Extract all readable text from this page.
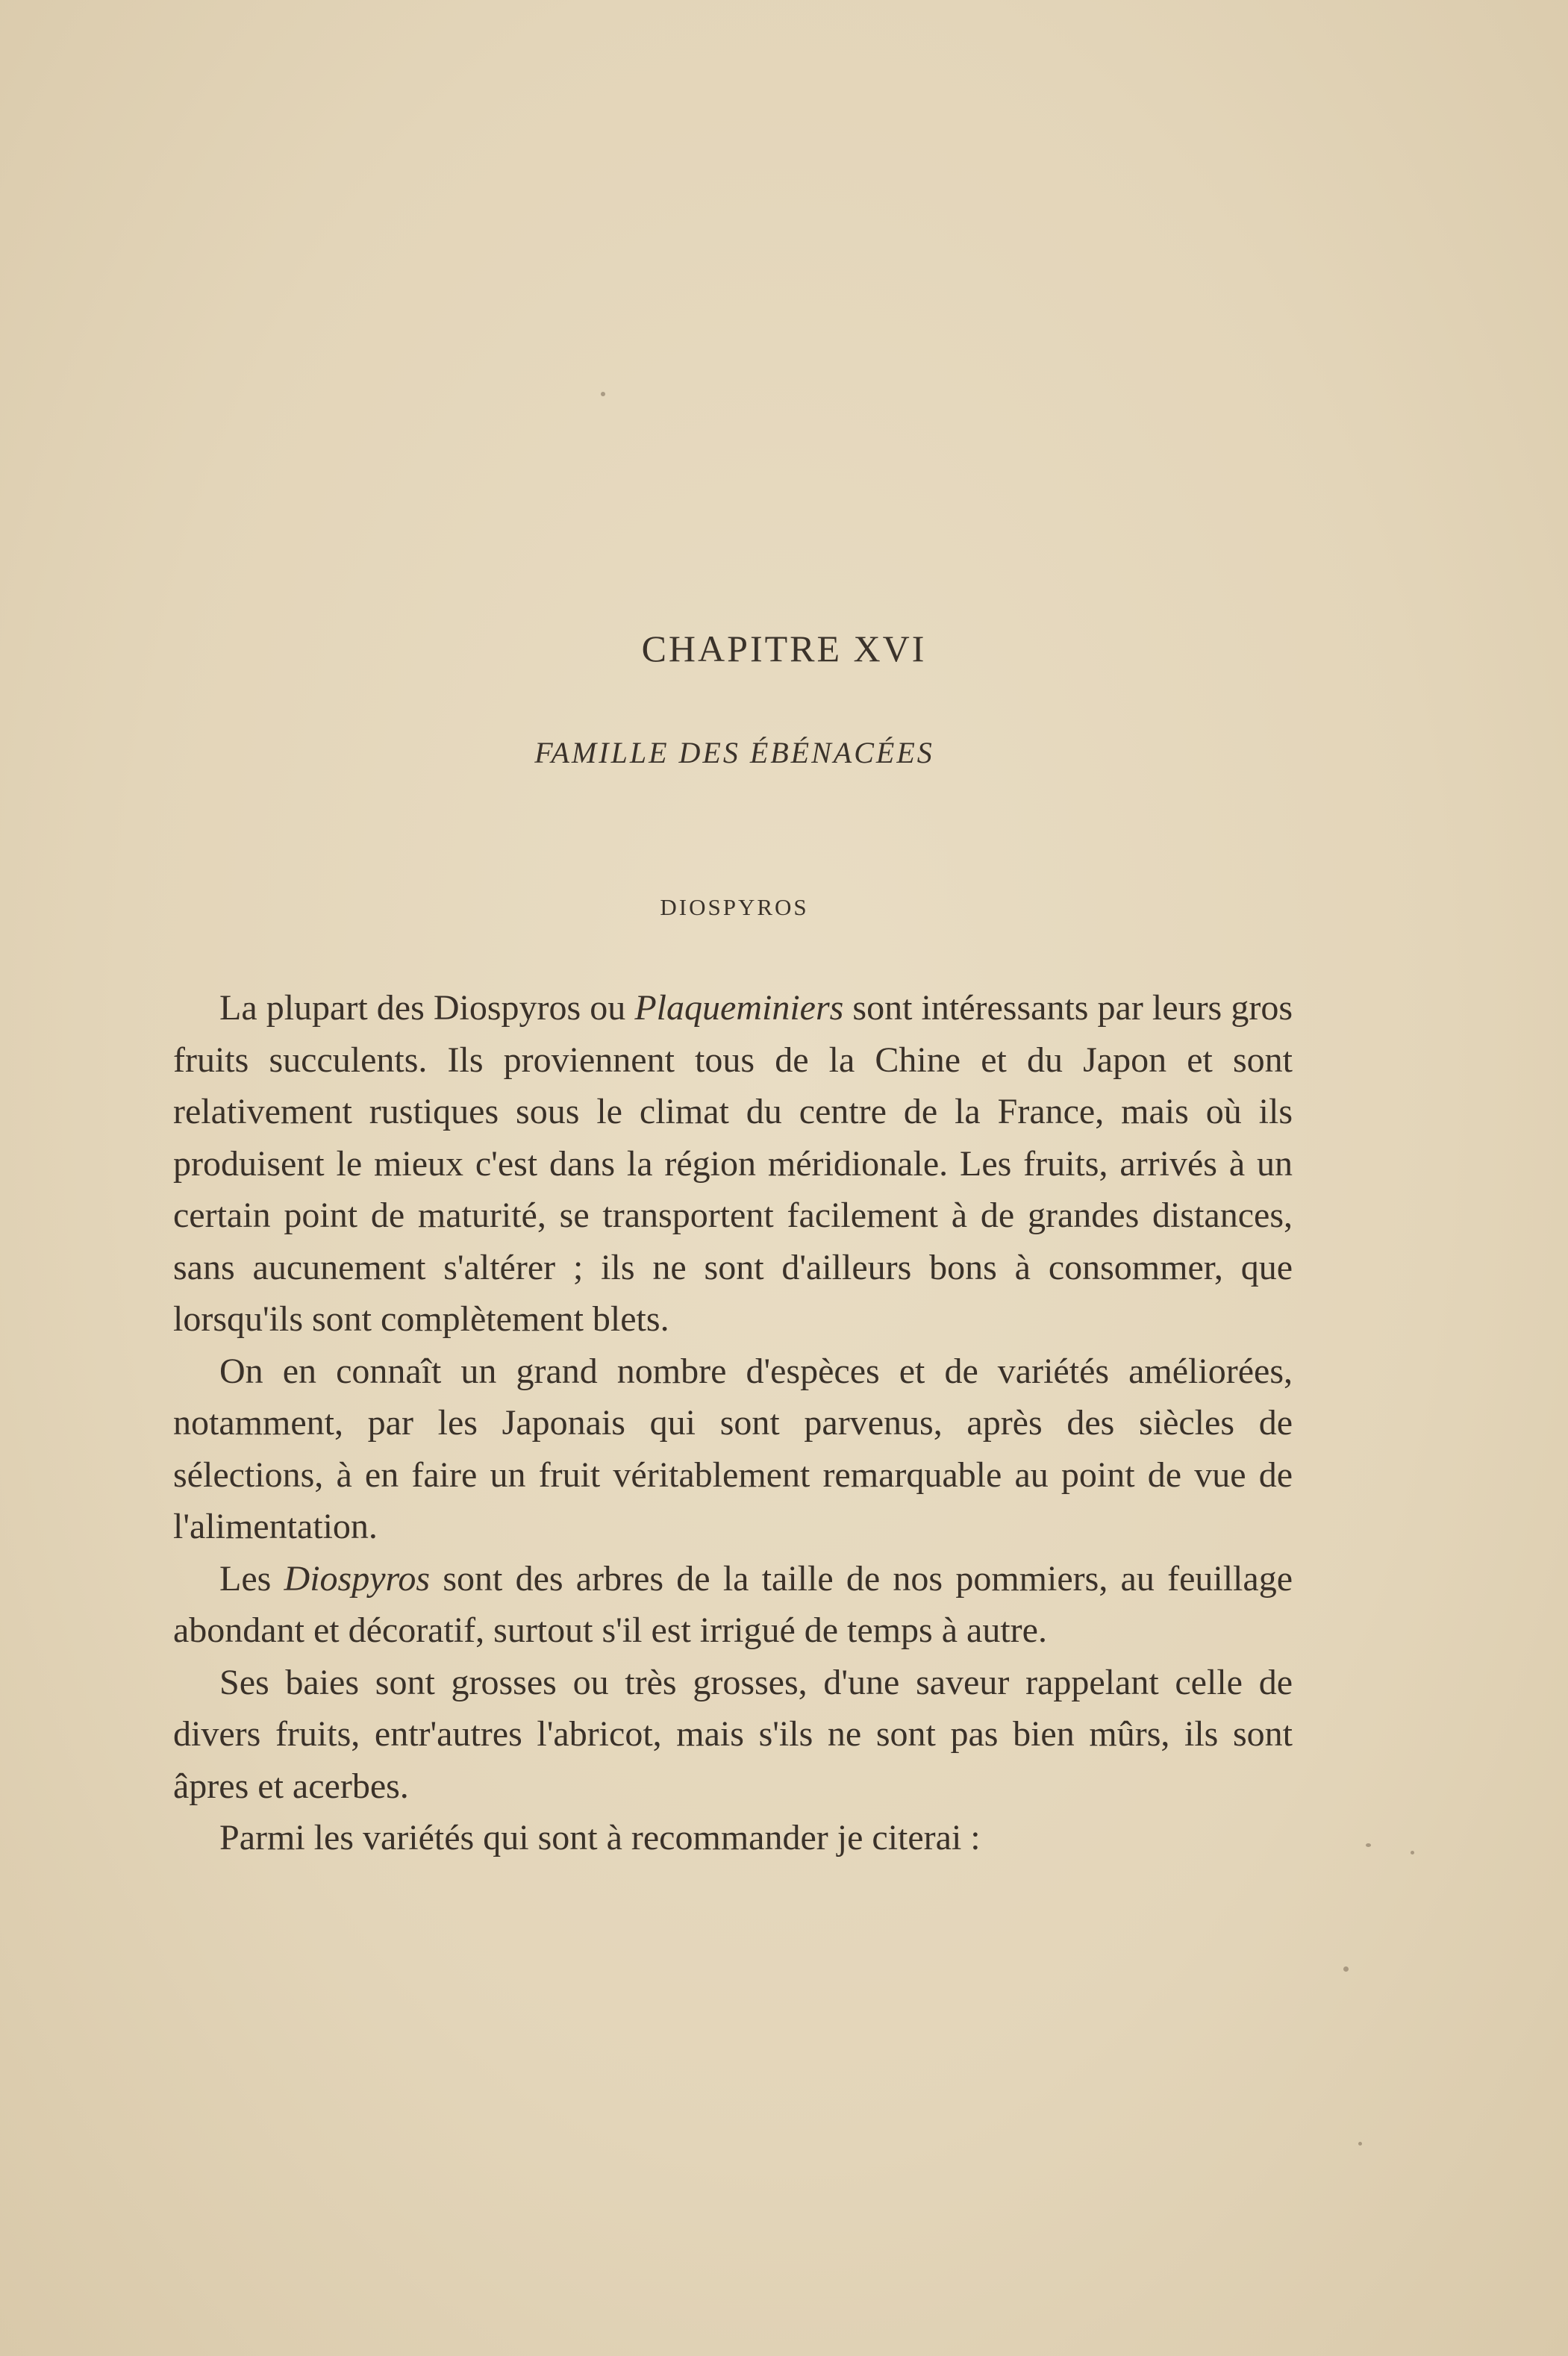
CHAPITRE XVI
FAMILLE DES ÉBÉNACÉES
DIOSPYROS

La plupart des Diospyros ou Plaqueminiers sont intéressants par leurs gros fruits succulents. Ils proviennent tous de la Chine et du Japon et sont relativement rustiques sous le climat du centre de la France, mais où ils produisent le mieux c'est dans la région méridionale. Les fruits, arrivés à un certain point de maturité, se transportent facilement à de grandes distances, sans aucunement s'altérer ; ils ne sont d'ailleurs bons à consommer, que lorsqu'ils sont complètement blets.

On en connaît un grand nombre d'espèces et de variétés améliorées, notamment, par les Japonais qui sont parvenus, après des siècles de sélections, à en faire un fruit véritablement remarquable au point de vue de l'alimentation.

Les Diospyros sont des arbres de la taille de nos pommiers, au feuillage abondant et décoratif, surtout s'il est irrigué de temps à autre.

Ses baies sont grosses ou très grosses, d'une saveur rappelant celle de divers fruits, entr'autres l'abricot, mais s'ils ne sont pas bien mûrs, ils sont âpres et acerbes.

Parmi les variétés qui sont à recommander je citerai :
